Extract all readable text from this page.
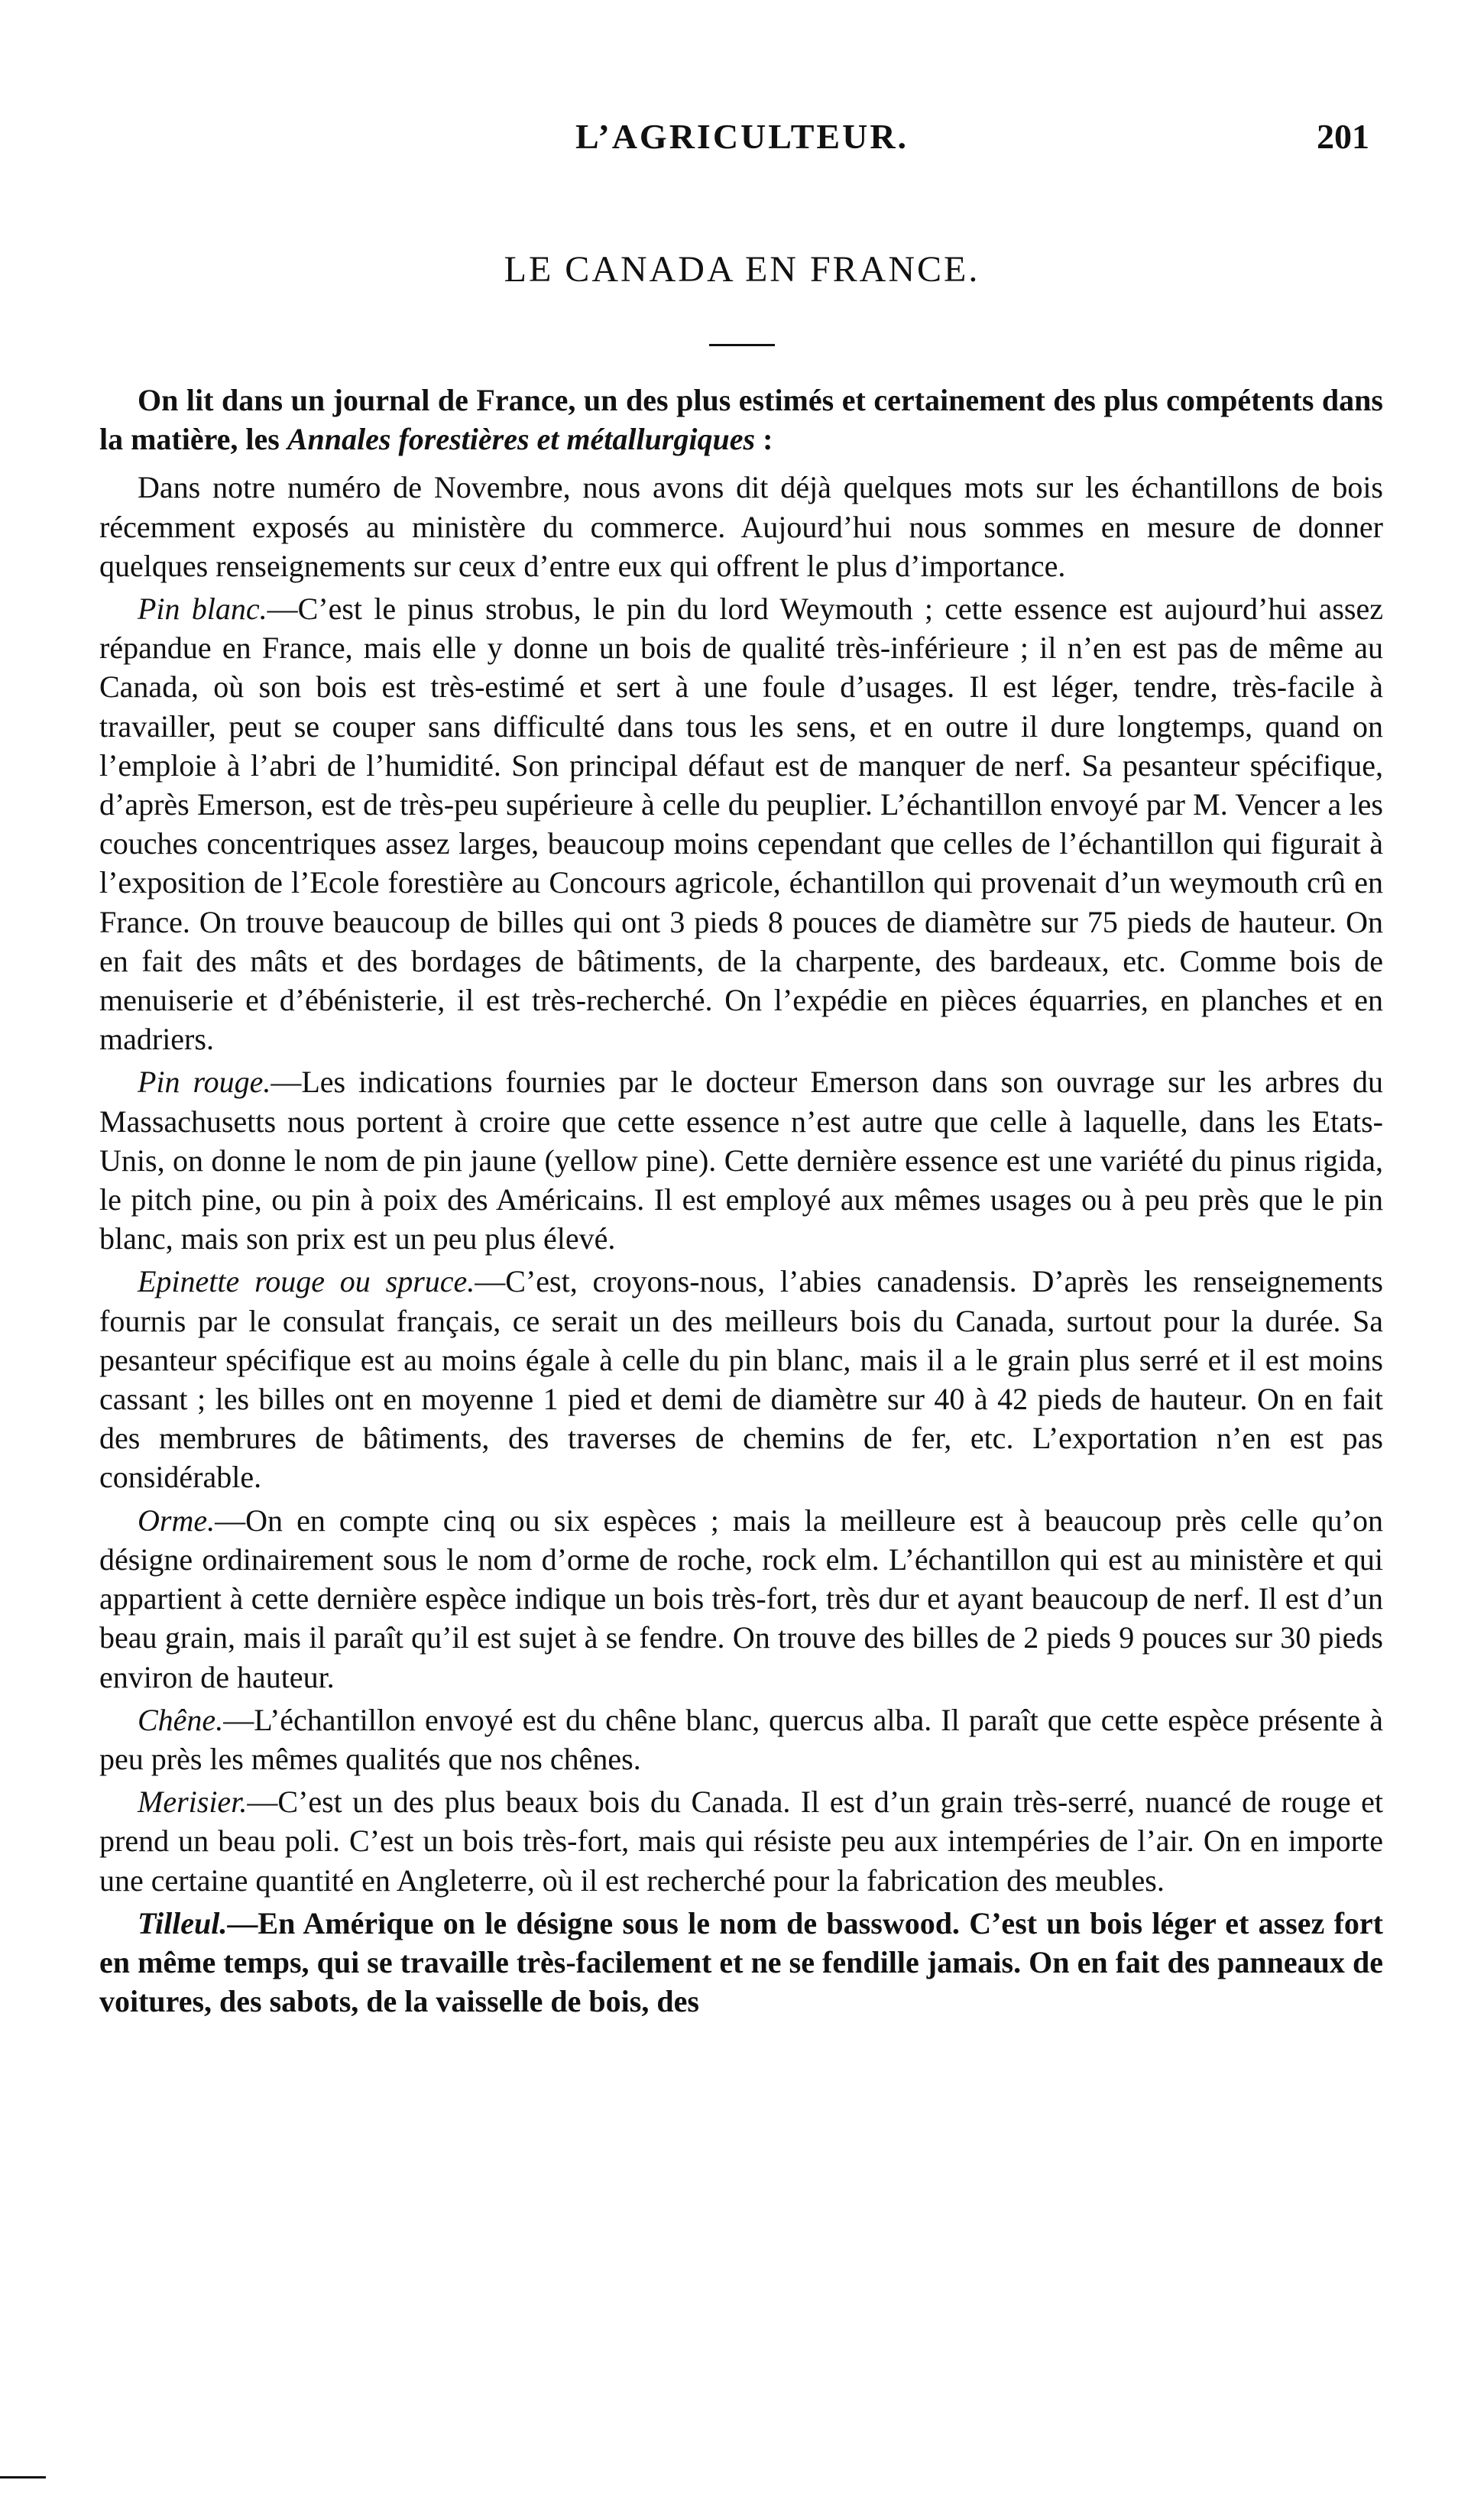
L’AGRICULTEUR.	201
LE CANADA EN FRANCE.

On lit dans un journal de France, un des plus estimés et certainement des plus compétents dans la matière, les Annales forestières et métallurgiques :

Dans notre numéro de Novembre, nous avons dit déjà quelques mots sur les échantillons de bois récemment exposés au ministère du commerce. Aujourd’hui nous sommes en mesure de donner quelques renseignements sur ceux d’entre eux qui offrent le plus d’importance.

Pin blanc.—C’est le pinus strobus, le pin du lord Weymouth ; cette essence est aujourd’hui assez répandue en France, mais elle y donne un bois de qualité très-inférieure ; il n’en est pas de même au Canada, où son bois est très-estimé et sert à une foule d’usages. Il est léger, tendre, très-facile à travailler, peut se couper sans difficulté dans tous les sens, et en outre il dure longtemps, quand on l’emploie à l’abri de l’humidité. Son principal défaut est de manquer de nerf. Sa pesanteur spécifique, d’après Emerson, est de très-peu supérieure à celle du peuplier. L’échantillon envoyé par M. Vencer a les couches concentriques assez larges, beaucoup moins cependant que celles de l’échantillon qui figurait à l’exposition de l’Ecole forestière au Concours agricole, échantillon qui provenait d’un weymouth crû en France. On trouve beaucoup de billes qui ont 3 pieds 8 pouces de diamètre sur 75 pieds de hauteur. On en fait des mâts et des bordages de bâtiments, de la charpente, des bardeaux, etc. Comme bois de menuiserie et d’ébénisterie, il est très-recherché. On l’expédie en pièces équarries, en planches et en madriers.

Pin rouge.—Les indications fournies par le docteur Emerson dans son ouvrage sur les arbres du Massachusetts nous portent à croire que cette essence n’est autre que celle à laquelle, dans les Etats-Unis, on donne le nom de pin jaune (yellow pine). Cette dernière essence est une variété du pinus rigida, le pitch pine, ou pin à poix des Américains. Il est employé aux mêmes usages ou à peu près que le pin blanc, mais son prix est un peu plus élevé.

Epinette rouge ou spruce.—C’est, croyons-nous, l’abies canadensis. D’après les renseignements fournis par le consulat français, ce serait un des meilleurs bois du Canada, surtout pour la durée. Sa pesanteur spécifique est au moins égale à celle du pin blanc, mais il a le grain plus serré et il est moins cassant ; les billes ont en moyenne 1 pied et demi de diamètre sur 40 à 42 pieds de hauteur. On en fait des membrures de bâtiments, des traverses de chemins de fer, etc. L’exportation n’en est pas considérable.

Orme.—On en compte cinq ou six espèces ; mais la meilleure est à beaucoup près celle qu’on désigne ordinairement sous le nom d’orme de roche, rock elm. L’échantillon qui est au ministère et qui appartient à cette dernière espèce indique un bois très-fort, très dur et ayant beaucoup de nerf. Il est d’un beau grain, mais il paraît qu’il est sujet à se fendre. On trouve des billes de 2 pieds 9 pouces sur 30 pieds environ de hauteur.

Chêne.—L’échantillon envoyé est du chêne blanc, quercus alba. Il paraît que cette espèce présente à peu près les mêmes qualités que nos chênes.

Merisier.—C’est un des plus beaux bois du Canada. Il est d’un grain très-serré, nuancé de rouge et prend un beau poli. C’est un bois très-fort, mais qui résiste peu aux intempéries de l’air. On en importe une certaine quantité en Angleterre, où il est recherché pour la fabrication des meubles.

Tilleul.—En Amérique on le désigne sous le nom de basswood. C’est un bois léger et assez fort en même temps, qui se travaille très-facilement et ne se fendille jamais. On en fait des panneaux de voitures, des sabots, de la vaisselle de bois, des
